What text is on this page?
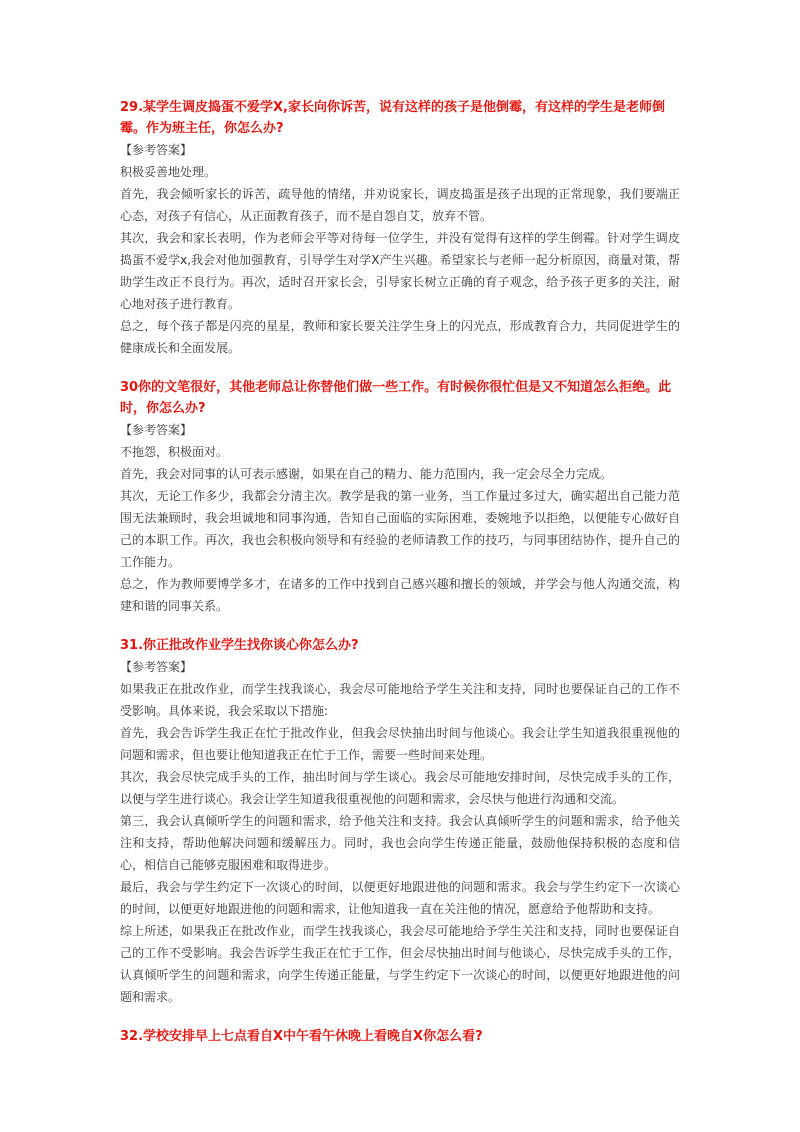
29.某学生调皮捣蛋不爱学X,家长向你诉苦，说有这样的孩子是他倒霉，有这样的学生是老师倒霉。作为班主任，你怎么办?

【参考答案】

积极妥善地处理。

首先，我会倾听家长的诉苦，疏导他的情绪，并劝说家长，调皮捣蛋是孩子出现的正常现象，我们要端正心态，对孩子有信心，从正面教育孩子，而不是自怨自艾，放弃不管。

其次，我会和家长表明，作为老师会平等对待每一位学生，并没有觉得有这样的学生倒霉。针对学生调皮捣蛋不爱学x,我会对他加强教育，引导学生对学X产生兴趣。希望家长与老师一起分析原因，商量对策，帮助学生改正不良行为。再次，适时召开家长会，引导家长树立正确的育子观念，给予孩子更多的关注，耐心地对孩子进行教育。

总之，每个孩子都是闪亮的星星，教师和家长要关注学生身上的闪光点，形成教育合力，共同促进学生的健康成长和全面发展。

30你的文笔很好，其他老师总让你替他们做一些工作。有时候你很忙但是又不知道怎么拒绝。此时，你怎么办?

【参考答案】

不拖怨，积极面对。

首先，我会对同事的认可表示感谢，如果在自己的精力、能力范围内，我一定会尽全力完成。

其次，无论工作多少，我都会分清主次。教学是我的第一业务，当工作量过多过大，确实超出自己能力范围无法兼顾时，我会坦诚地和同事沟通，告知自己面临的实际困难，委婉地予以拒绝，以便能专心做好自己的本职工作。再次，我也会积极向领导和有经验的老师请教工作的技巧，与同事团结协作，提升自己的工作能力。

总之，作为教师要博学多才，在诸多的工作中找到自己感兴趣和擅长的领域，并学会与他人沟通交流，构建和谐的同事关系。

31.你正批改作业学生找你谈心你怎么办?

【参考答案】

如果我正在批改作业，而学生找我谈心，我会尽可能地给予学生关注和支持，同时也要保证自己的工作不受影响。具体来说，我会采取以下措施:

首先，我会告诉学生我正在忙于批改作业，但我会尽快抽出时间与他谈心。我会让学生知道我很重视他的问题和需求，但也要让他知道我正在忙于工作，需要一些时间来处理。

其次，我会尽快完成手头的工作，抽出时间与学生谈心。我会尽可能地安排时间，尽快完成手头的工作，以便与学生进行谈心。我会让学生知道我很重视他的问题和需求，会尽快与他进行沟通和交流。

第三，我会认真倾听学生的问题和需求，给予他关注和支持。我会认真倾听学生的问题和需求，给予他关注和支持，帮助他解决问题和缓解压力。同时，我也会向学生传递正能量，鼓励他保持积极的态度和信心，相信自己能够克服困难和取得进步。

最后，我会与学生约定下一次谈心的时间，以便更好地跟进他的问题和需求。我会与学生约定下一次谈心的时间，以便更好地跟进他的问题和需求，让他知道我一直在关注他的情况，愿意给予他帮助和支持。

综上所述，如果我正在批改作业，而学生找我谈心，我会尽可能地给予学生关注和支持，同时也要保证自己的工作不受影响。我会告诉学生我正在忙于工作，但会尽快抽出时间与他谈心，尽快完成手头的工作，认真倾听学生的问题和需求，向学生传递正能量，与学生约定下一次谈心的时间，以便更好地跟进他的问题和需求。

32.学校安排早上七点看自X中午看午休晚上看晚自X你怎么看?
